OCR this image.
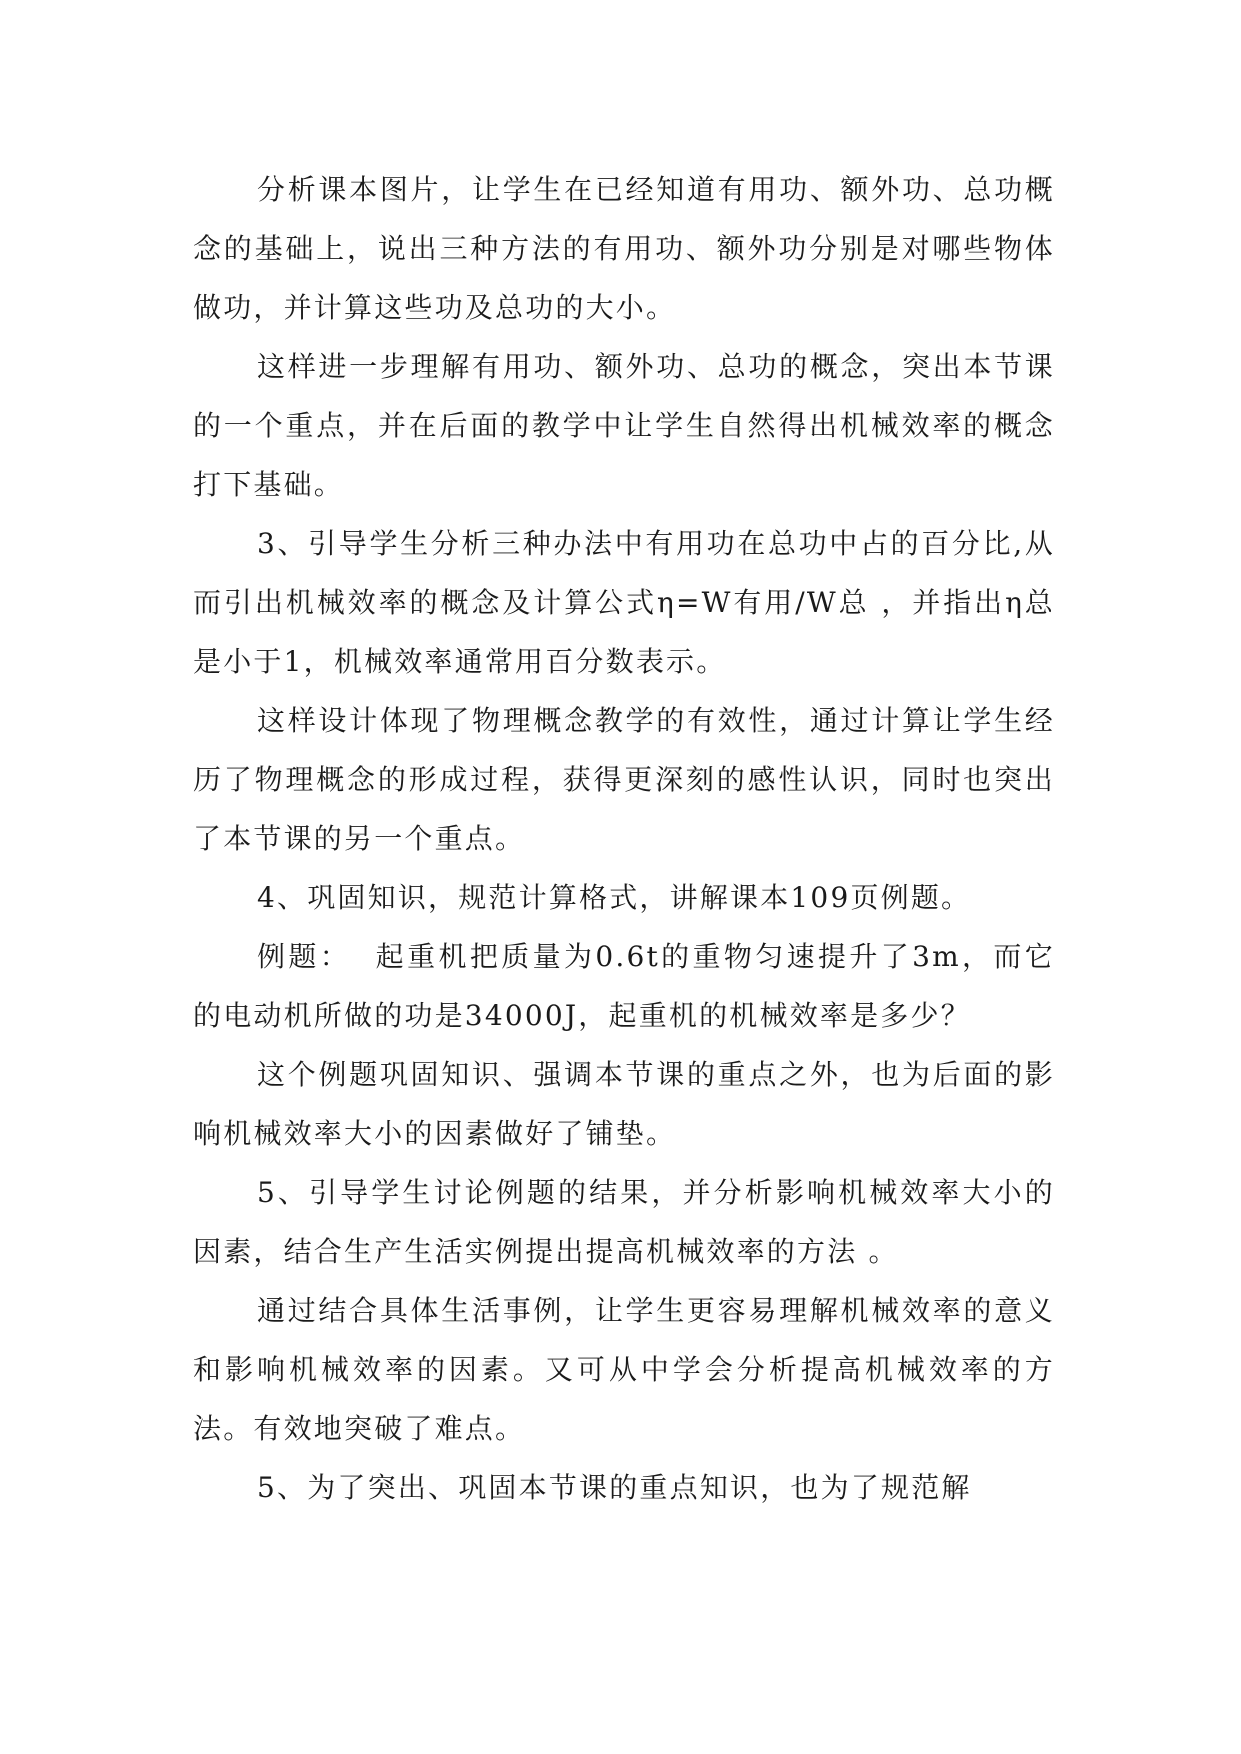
分析课本图片，让学生在已经知道有用功、额外功、总功概念的基础上，说出三种方法的有用功、额外功分别是对哪些物体做功，并计算这些功及总功的大小。

这样进一步理解有用功、额外功、总功的概念，突出本节课的一个重点，并在后面的教学中让学生自然得出机械效率的概念打下基础。

3、引导学生分析三种办法中有用功在总功中占的百分比,从而引出机械效率的概念及计算公式η=W有用/W总 ，并指出η总是小于1，机械效率通常用百分数表示。

这样设计体现了物理概念教学的有效性，通过计算让学生经历了物理概念的形成过程，获得更深刻的感性认识，同时也突出了本节课的另一个重点。

4、巩固知识，规范计算格式，讲解课本109页例题。

例题：  起重机把质量为0.6t的重物匀速提升了3m，而它的电动机所做的功是34000J，起重机的机械效率是多少？

这个例题巩固知识、强调本节课的重点之外，也为后面的影响机械效率大小的因素做好了铺垫。

5、引导学生讨论例题的结果，并分析影响机械效率大小的因素，结合生产生活实例提出提高机械效率的方法 。

通过结合具体生活事例，让学生更容易理解机械效率的意义和影响机械效率的因素。又可从中学会分析提高机械效率的方法。有效地突破了难点。

5、为了突出、巩固本节课的重点知识，也为了规范解
